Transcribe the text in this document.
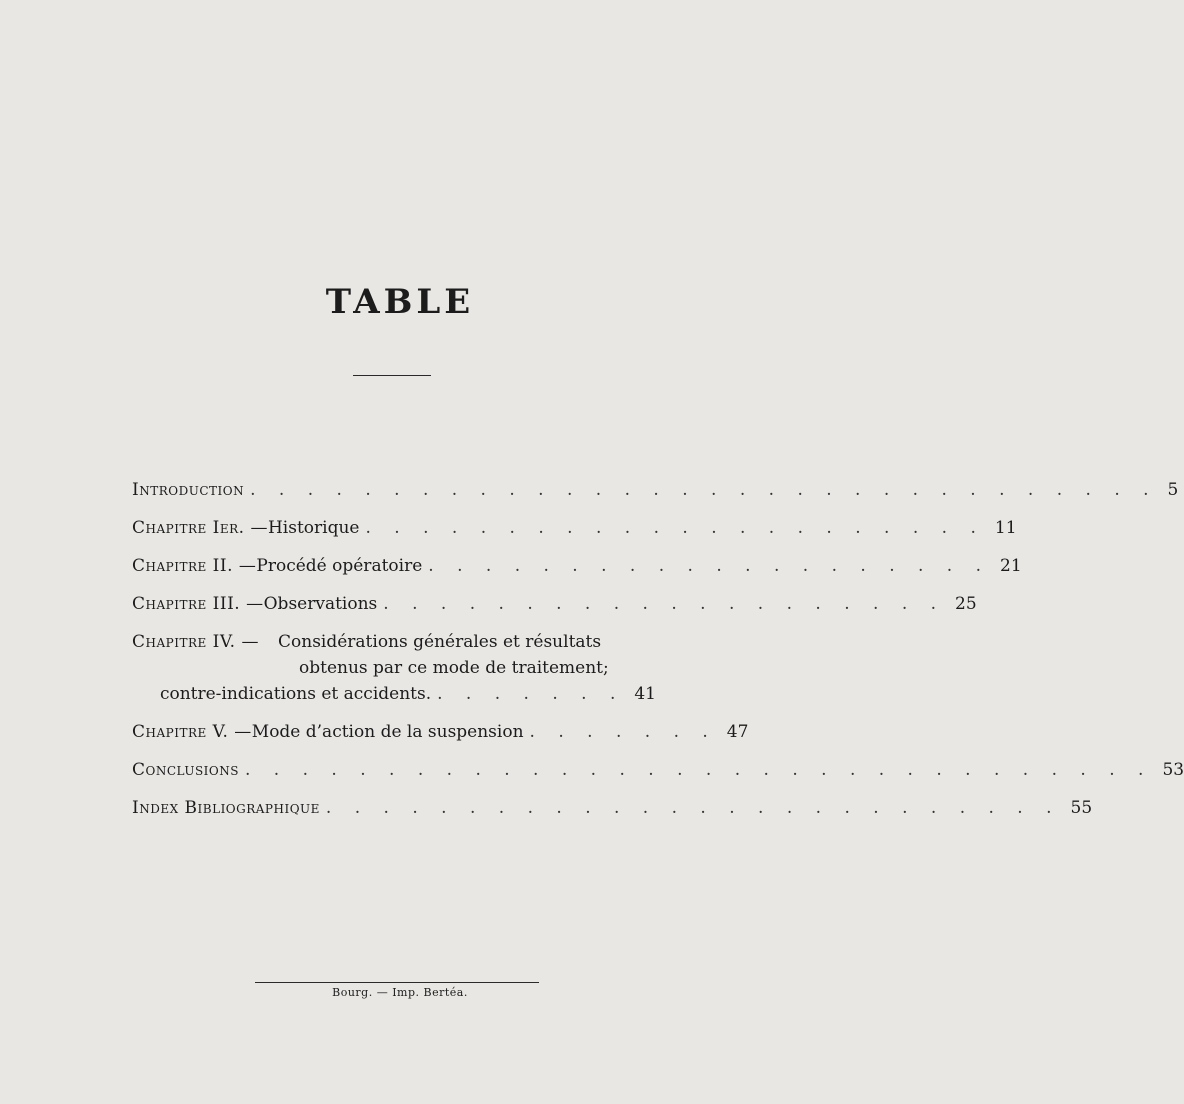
TABLE
Introduction . . . . . . . . . . . . . . . . . . . . . . . . . . . . . . . . 5
Chapitre Ier. — Historique . . . . . . . . . . . . . . . . . . . . . . 11
Chapitre II. — Procédé opératoire . . . . . . . . . . . . . . . . . . . . 21
Chapitre III. — Observations . . . . . . . . . . . . . . . . . . . . 25
Chapitre IV. —	Considérations générales et résultats
obtenus par ce mode de traitement;
contre-indications et accidents. . . . . . . . 41
Chapitre V. — Mode d’action de la suspension . . . . . . . 47
Conclusions . . . . . . . . . . . . . . . . . . . . . . . . . . . . . . . . 53
Index Bibliographique . . . . . . . . . . . . . . . . . . . . . . . . . . 55
Bourg. — Imp. Bertéa.
